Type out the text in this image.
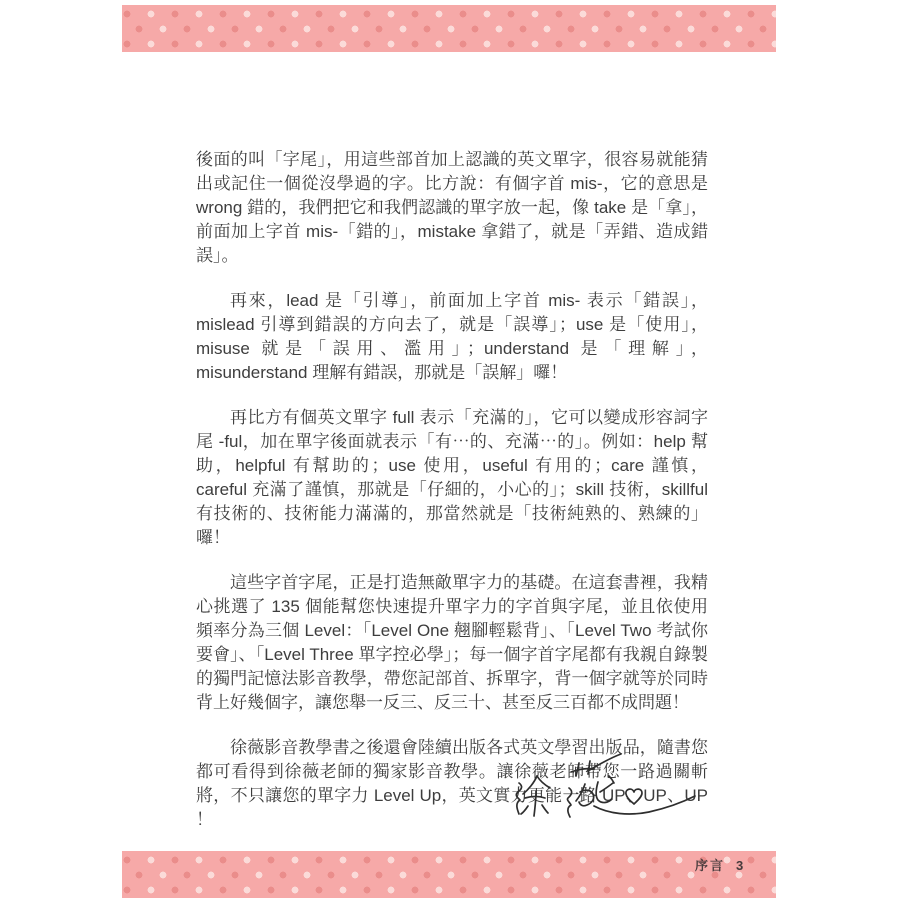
後面的叫「字尾」，用這些部首加上認識的英文單字，很容易就能猜出或記住一個從沒學過的字。比方說：有個字首 mis-，它的意思是 wrong 錯的，我們把它和我們認識的單字放一起，像 take 是「拿」，前面加上字首 mis-「錯的」，mistake 拿錯了，就是「弄錯、造成錯誤」。

再來，lead 是「引導」，前面加上字首 mis- 表示「錯誤」，mislead 引導到錯誤的方向去了，就是「誤導」；use 是「使用」，misuse 就是「誤用、濫用」；understand 是「理解」，misunderstand 理解有錯誤，那就是「誤解」囉！

再比方有個英文單字 full 表示「充滿的」，它可以變成形容詞字尾 -ful，加在單字後面就表示「有⋯的、充滿⋯的」。例如：help 幫助，helpful 有幫助的；use 使用，useful 有用的；care 謹慎，careful 充滿了謹慎，那就是「仔細的，小心的」；skill 技術，skillful 有技術的、技術能力滿滿的，那當然就是「技術純熟的、熟練的」囉！

這些字首字尾，正是打造無敵單字力的基礎。在這套書裡，我精心挑選了 135 個能幫您快速提升單字力的字首與字尾，並且依使用頻率分為三個 Level：「Level One 翹腳輕鬆背」、「Level Two 考試你要會」、「Level Three 單字控必學」；每一個字首字尾都有我親自錄製的獨門記憶法影音教學，帶您記部首、拆單字，背一個字就等於同時背上好幾個字，讓您舉一反三、反三十、甚至反三百都不成問題！

徐薇影音教學書之後還會陸續出版各式英文學習出版品，隨書您都可看得到徐薇老師的獨家影音教學。讓徐薇老師帶您一路過關斬將，不只讓您的單字力 Level Up，英文實力更能一路 UP、UP、UP ！

序言 3
